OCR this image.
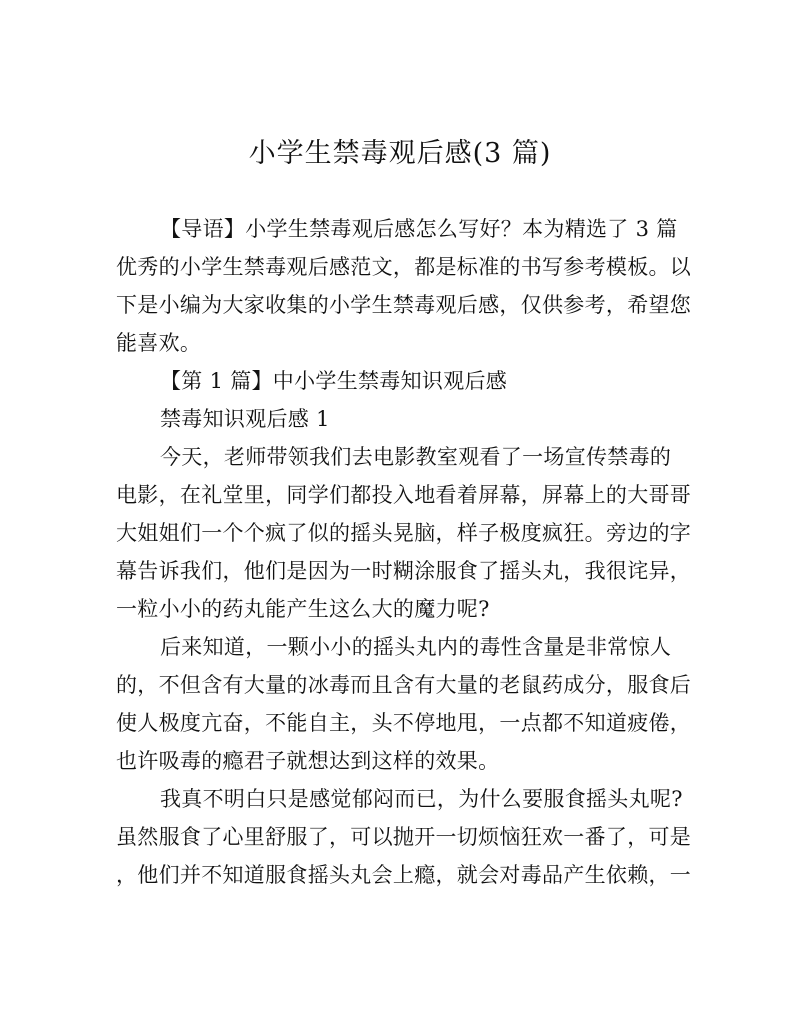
小学生禁毒观后感(3 篇)

【导语】小学生禁毒观后感怎么写好？本为精选了 3 篇

优秀的小学生禁毒观后感范文，都是标准的书写参考模板。以

下是小编为大家收集的小学生禁毒观后感，仅供参考，希望您

能喜欢。

【第 1 篇】中小学生禁毒知识观后感

禁毒知识观后感 1

今天，老师带领我们去电影教室观看了一场宣传禁毒的

电影，在礼堂里，同学们都投入地看着屏幕，屏幕上的大哥哥

大姐姐们一个个疯了似的摇头晃脑，样子极度疯狂。旁边的字

幕告诉我们，他们是因为一时糊涂服食了摇头丸，我很诧异，

一粒小小的药丸能产生这么大的魔力呢?

后来知道，一颗小小的摇头丸内的毒性含量是非常惊人

的，不但含有大量的冰毒而且含有大量的老鼠药成分，服食后

使人极度亢奋，不能自主，头不停地甩，一点都不知道疲倦，

也许吸毒的瘾君子就想达到这样的效果。

我真不明白只是感觉郁闷而已，为什么要服食摇头丸呢?

虽然服食了心里舒服了，可以抛开一切烦恼狂欢一番了，可是

，他们并不知道服食摇头丸会上瘾，就会对毒品产生依赖，一
